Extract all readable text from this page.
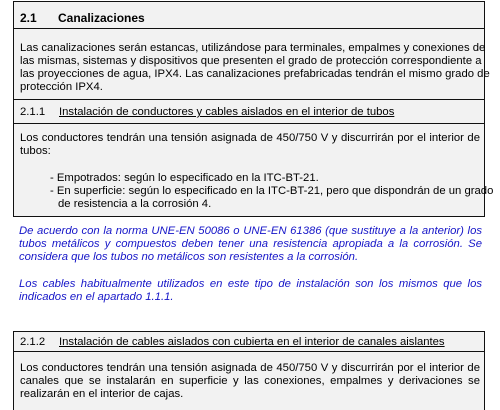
2.1 Canalizaciones
Las canalizaciones serán estancas, utilizándose para terminales, empalmes y conexiones de
las mismas, sistemas y dispositivos que presenten el grado de protección correspondiente a
las proyecciones de agua, IPX4. Las canalizaciones prefabricadas tendrán el mismo grado de
protección IPX4.
2.1.1 Instalación de conductores y cables aislados en el interior de tubos
Los conductores tendrán una tensión asignada de 450/750 V y discurrirán por el interior de
tubos:
- Empotrados: según lo especificado en la ITC-BT-21.
- En superficie: según lo especificado en la ITC-BT-21, pero que dispondrán de un grado
de resistencia a la corrosión 4.
De acuerdo con la norma UNE-EN 50086 o UNE-EN 61386 (que sustituye a la anterior) los
tubos metálicos y compuestos deben tener una resistencia apropiada a la corrosión. Se
considera que los tubos no metálicos son resistentes a la corrosión.
Los cables habitualmente utilizados en este tipo de instalación son los mismos que los
indicados en el apartado 1.1.1.
2.1.2 Instalación de cables aislados con cubierta en el interior de canales aislantes
Los conductores tendrán una tensión asignada de 450/750 V y discurrirán por el interior de
canales que se instalarán en superficie y las conexiones, empalmes y derivaciones se
realizarán en el interior de cajas.
